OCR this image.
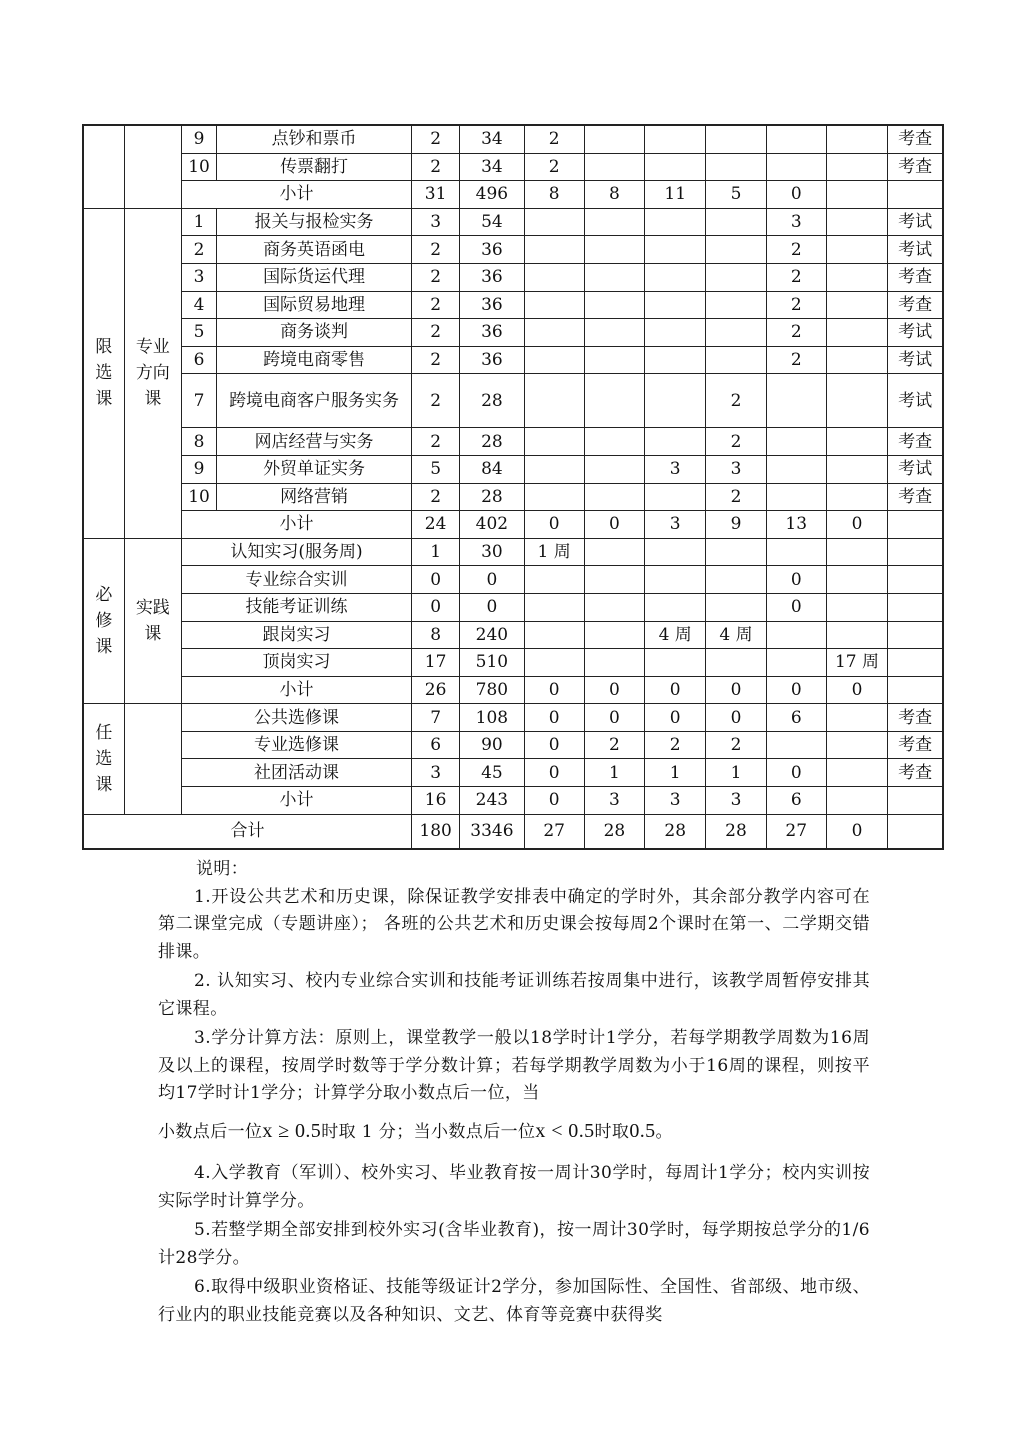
		9	点钞和票币	2	34	2						考查
		10	传票翻打	2	34	2						考查
		小计		31	496	8	8	11	5	0		

限
选
课	专业
方向
课	1	报关与报检实务	3	54					3		考试
		2	商务英语函电	2	36					2		考试
		3	国际货运代理	2	36					2		考查
		4	国际贸易地理	2	36					2		考查
		5	商务谈判	2	36					2		考试
		6	跨境电商零售	2	36					2		考试
		7	跨境电商客户服务实务	2	28				2			考试
		8	网店经营与实务	2	28				2			考查
		9	外贸单证实务	5	84			3	3			考试
		10	网络营销	2	28				2			考查
		小计		24	402	0	0	3	9	13	0	

必
修
课	实践
课	认知实习(服务周)		1	30	1 周						
		专业综合实训		0	0					0		
		技能考证训练		0	0					0		
		跟岗实习		8	240			4 周	4 周			
		顶岗实习		17	510						17 周	
		小计		26	780	0	0	0	0	0	0	

任
选
课		公共选修课		7	108	0	0	0	0	6		考查
		专业选修课		6	90	0	2	2	2			考查
		社团活动课		3	45	0	1	1	1	0		考查
		小计		16	243	0	3	3	3	6		
合计				180	3346	27	28	28	28	27	0	

说明：

1.开设公共艺术和历史课，除保证教学安排表中确定的学时外，其余部分教学内容可在第二课堂完成（专题讲座）； 各班的公共艺术和历史课会按每周2个课时在第一、二学期交错排课。

2. 认知实习、校内专业综合实训和技能考证训练若按周集中进行，该教学周暂停安排其它课程。

3.学分计算方法：原则上，课堂教学一般以18学时计1学分，若每学期教学周数为16周及以上的课程，按周学时数等于学分数计算；若每学期教学周数为小于16周的课程，则按平均17学时计1学分；计算学分取小数点后一位，当

小数点后一位x ≥ 0.5时取 1 分；当小数点后一位x < 0.5时取0.5。

4.入学教育（军训）、校外实习、毕业教育按一周计30学时，每周计1学分；校内实训按实际学时计算学分。

5.若整学期全部安排到校外实习(含毕业教育)，按一周计30学时，每学期按总学分的1/6 计28学分。

6.取得中级职业资格证、技能等级证计2学分，参加国际性、全国性、省部级、地市级、行业内的职业技能竞赛以及各种知识、文艺、体育等竞赛中获得奖
